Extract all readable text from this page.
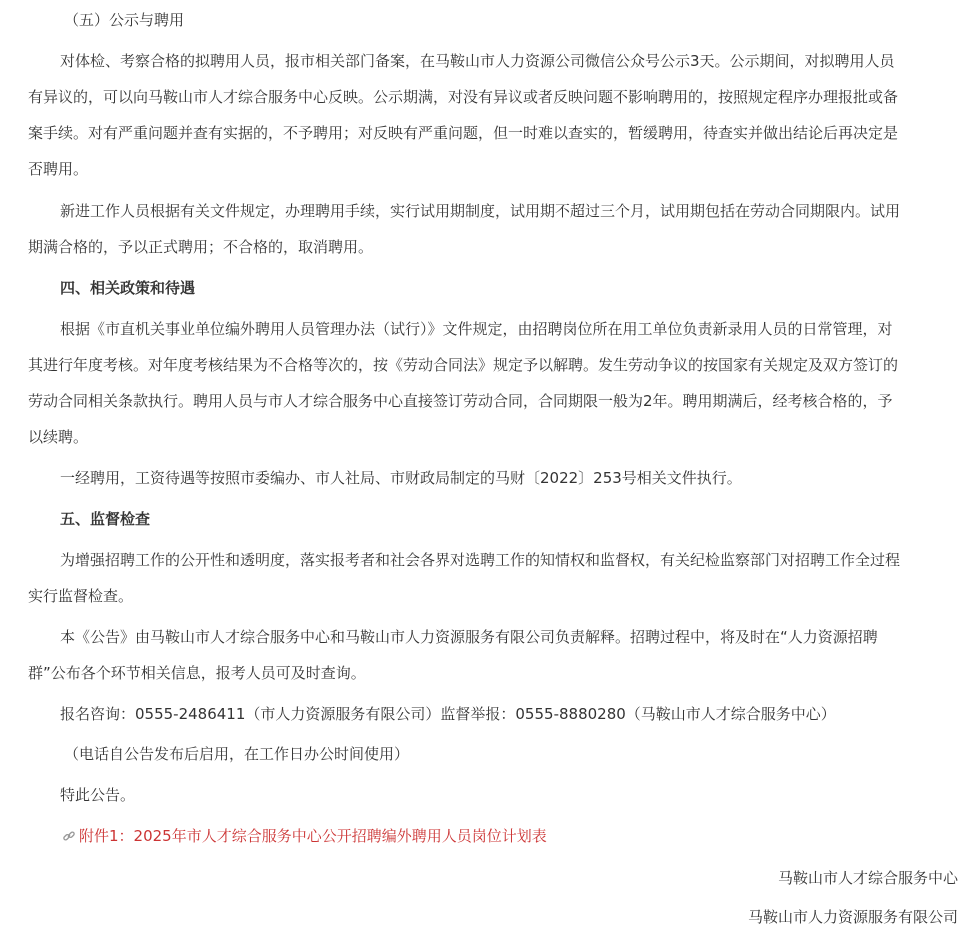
（五）公示与聘用
对体检、考察合格的拟聘用人员，报市相关部门备案，在马鞍山市人力资源公司微信公众号公示3天。公示期间，对拟聘用人员
有异议的，可以向马鞍山市人才综合服务中心反映。公示期满，对没有异议或者反映问题不影响聘用的，按照规定程序办理报批或备
案手续。对有严重问题并查有实据的，不予聘用；对反映有严重问题，但一时难以查实的，暂缓聘用，待查实并做出结论后再决定是
否聘用。
新进工作人员根据有关文件规定，办理聘用手续，实行试用期制度，试用期不超过三个月，试用期包括在劳动合同期限内。试用
期满合格的，予以正式聘用；不合格的，取消聘用。
四、相关政策和待遇
根据《市直机关事业单位编外聘用人员管理办法（试行）》文件规定，由招聘岗位所在用工单位负责新录用人员的日常管理，对
其进行年度考核。对年度考核结果为不合格等次的，按《劳动合同法》规定予以解聘。发生劳动争议的按国家有关规定及双方签订的
劳动合同相关条款执行。聘用人员与市人才综合服务中心直接签订劳动合同，合同期限一般为2年。聘用期满后，经考核合格的，予
以续聘。
一经聘用，工资待遇等按照市委编办、市人社局、市财政局制定的马财〔2022〕253号相关文件执行。
五、监督检查
为增强招聘工作的公开性和透明度，落实报考者和社会各界对选聘工作的知情权和监督权，有关纪检监察部门对招聘工作全过程
实行监督检查。
本《公告》由马鞍山市人才综合服务中心和马鞍山市人力资源服务有限公司负责解释。招聘过程中，将及时在“人力资源招聘
群”公布各个环节相关信息，报考人员可及时查询。
报名咨询：0555-2486411（市人力资源服务有限公司）监督举报：0555-8880280（马鞍山市人才综合服务中心）
（电话自公告发布后启用，在工作日办公时间使用）
特此公告。
附件1：2025年市人才综合服务中心公开招聘编外聘用人员岗位计划表
马鞍山市人才综合服务中心
马鞍山市人力资源服务有限公司
